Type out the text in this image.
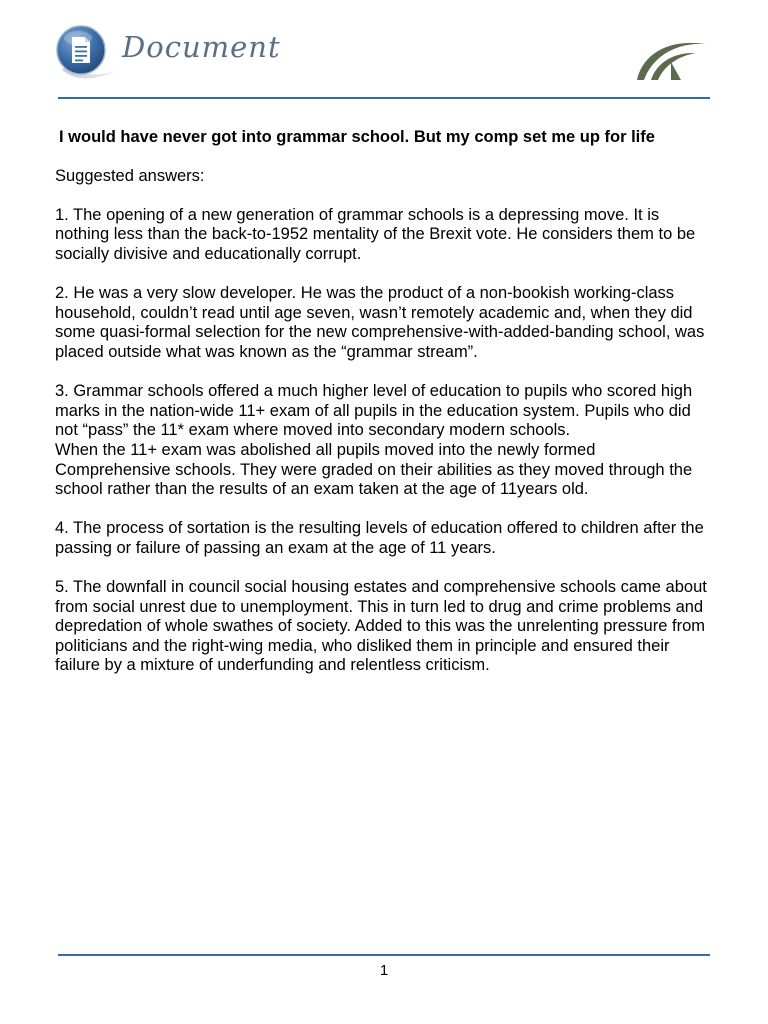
Document

I would have never got into grammar school. But my comp set me up for life

Suggested answers:

1. The opening of a new generation of grammar schools is a depressing move. It is nothing less than the back-to-1952 mentality of the Brexit vote. He considers them to be socially divisive and educationally corrupt.

2. He was a very slow developer. He was the product of a non-bookish working-class household, couldn’t read until age seven, wasn’t remotely academic and, when they did some quasi-formal selection for the new comprehensive-with-added-banding school, was placed outside what was known as the “grammar stream”.

3. Grammar schools offered a much higher level of education to pupils who scored high marks in the nation-wide 11+ exam of all pupils in the education system. Pupils who did not “pass” the 11* exam where moved into secondary modern schools.

When the 11+ exam was abolished all pupils moved into the newly formed Comprehensive schools. They were graded on their abilities as they moved through the school rather than the results of an exam taken at the age of 11years old.

4. The process of sortation is the resulting levels of education offered to children after the passing or failure of passing an exam at the age of 11 years.

5. The downfall in council social housing estates and comprehensive schools came about from social unrest due to unemployment. This in turn led to drug and crime problems and depredation of whole swathes of society. Added to this was the unrelenting pressure from politicians and the right-wing media, who disliked them in principle and ensured their failure by a mixture of underfunding and relentless criticism.

1
